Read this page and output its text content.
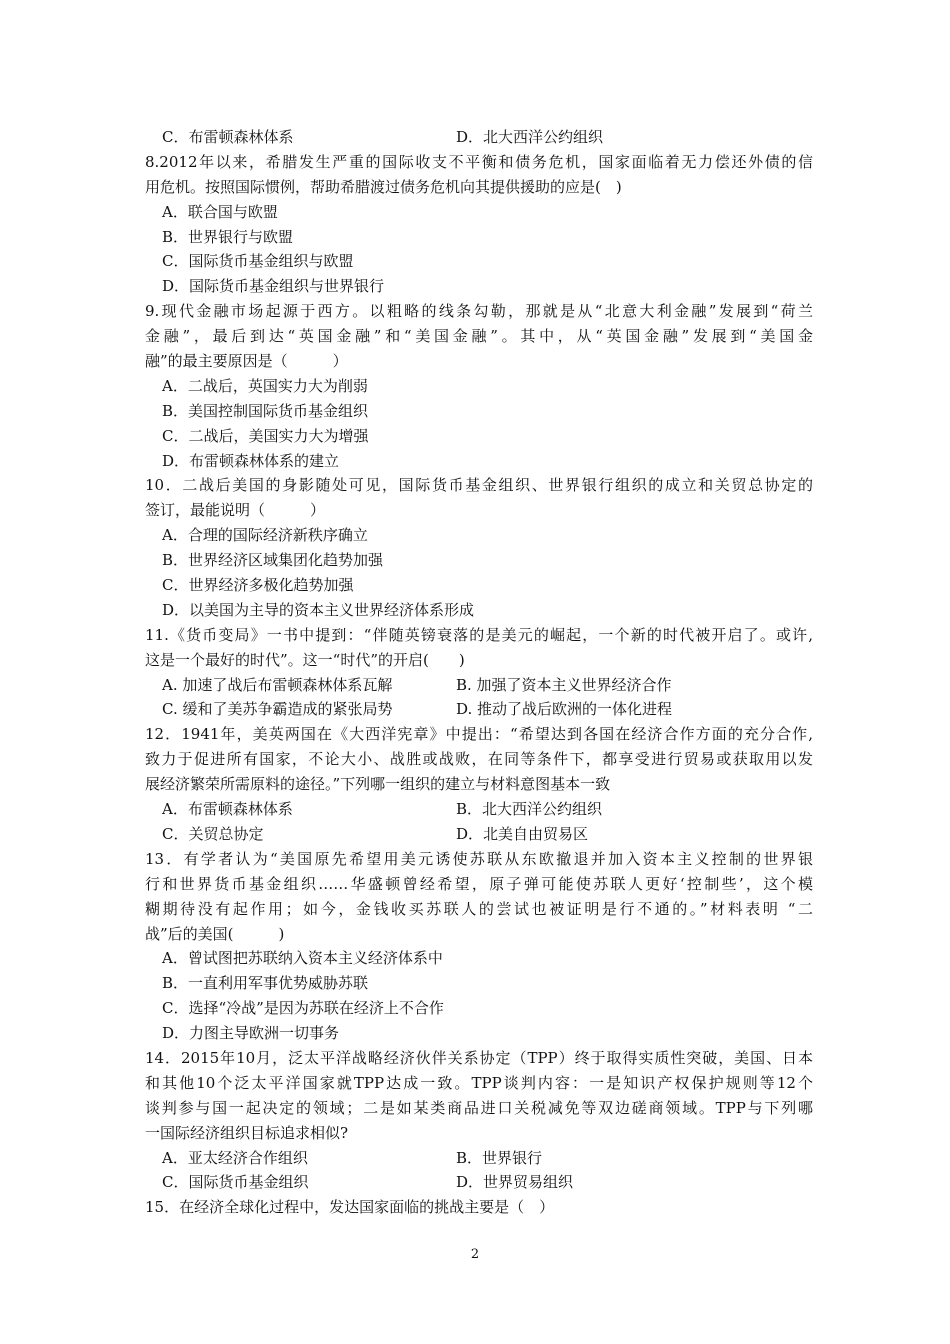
C．布雷顿森林体系	D．北大西洋公约组织
8.2012年以来，希腊发生严重的国际收支不平衡和债务危机，国家面临着无力偿还外债的信
用危机。按照国际惯例，帮助希腊渡过债务危机向其提供援助的应是(　)
A．联合国与欧盟
B．世界银行与欧盟
C．国际货币基金组织与欧盟
D．国际货币基金组织与世界银行
9.现代金融市场起源于西方。以粗略的线条勾勒，那就是从“北意大利金融”发展到“荷兰
金融”，最后到达“英国金融”和“美国金融”。其中，从“英国金融”发展到“美国金
融”的最主要原因是（　　　）
A．二战后，英国实力大为削弱
B．美国控制国际货币基金组织
C．二战后，美国实力大为增强
D．布雷顿森林体系的建立
10．二战后美国的身影随处可见，国际货币基金组织、世界银行组织的成立和关贸总协定的
签订，最能说明（　　　）
A．合理的国际经济新秩序确立
B．世界经济区域集团化趋势加强
C．世界经济多极化趋势加强
D．以美国为主导的资本主义世界经济体系形成
11.《货币变局》一书中提到：“伴随英镑衰落的是美元的崛起，一个新的时代被开启了。或许,
这是一个最好的时代”。这一“时代”的开启(　　)
A. 加速了战后布雷顿森林体系瓦解	B. 加强了资本主义世界经济合作
C. 缓和了美苏争霸造成的紧张局势	D. 推动了战后欧洲的一体化进程
12．1941年，美英两国在《大西洋宪章》中提出：“希望达到各国在经济合作方面的充分合作,
致力于促进所有国家，不论大小、战胜或战败，在同等条件下，都享受进行贸易或获取用以发
展经济繁荣所需原料的途径。”下列哪一组织的建立与材料意图基本一致
A．布雷顿森林体系	B．北大西洋公约组织
C．关贸总协定	D．北美自由贸易区
13．有学者认为“美国原先希望用美元诱使苏联从东欧撤退并加入资本主义控制的世界银
行和世界货币基金组织……华盛顿曾经希望，原子弹可能使苏联人更好‘控制些’，这个模
糊期待没有起作用；如今，金钱收买苏联人的尝试也被证明是行不通的。”材料表明 “二
战”后的美国(　　　)
A．曾试图把苏联纳入资本主义经济体系中
B．一直利用军事优势威胁苏联
C．选择“冷战”是因为苏联在经济上不合作
D．力图主导欧洲一切事务
14．2015年10月，泛太平洋战略经济伙伴关系协定（TPP）终于取得实质性突破，美国、日本
和其他10个泛太平洋国家就TPP达成一致。TPP谈判内容：一是知识产权保护规则等12个
谈判参与国一起决定的领域；二是如某类商品进口关税减免等双边磋商领域。TPP与下列哪
一国际经济组织目标追求相似?
A．亚太经济合作组织	B．世界银行
C．国际货币基金组织	D．世界贸易组织
15．在经济全球化过程中，发达国家面临的挑战主要是（　）
2
